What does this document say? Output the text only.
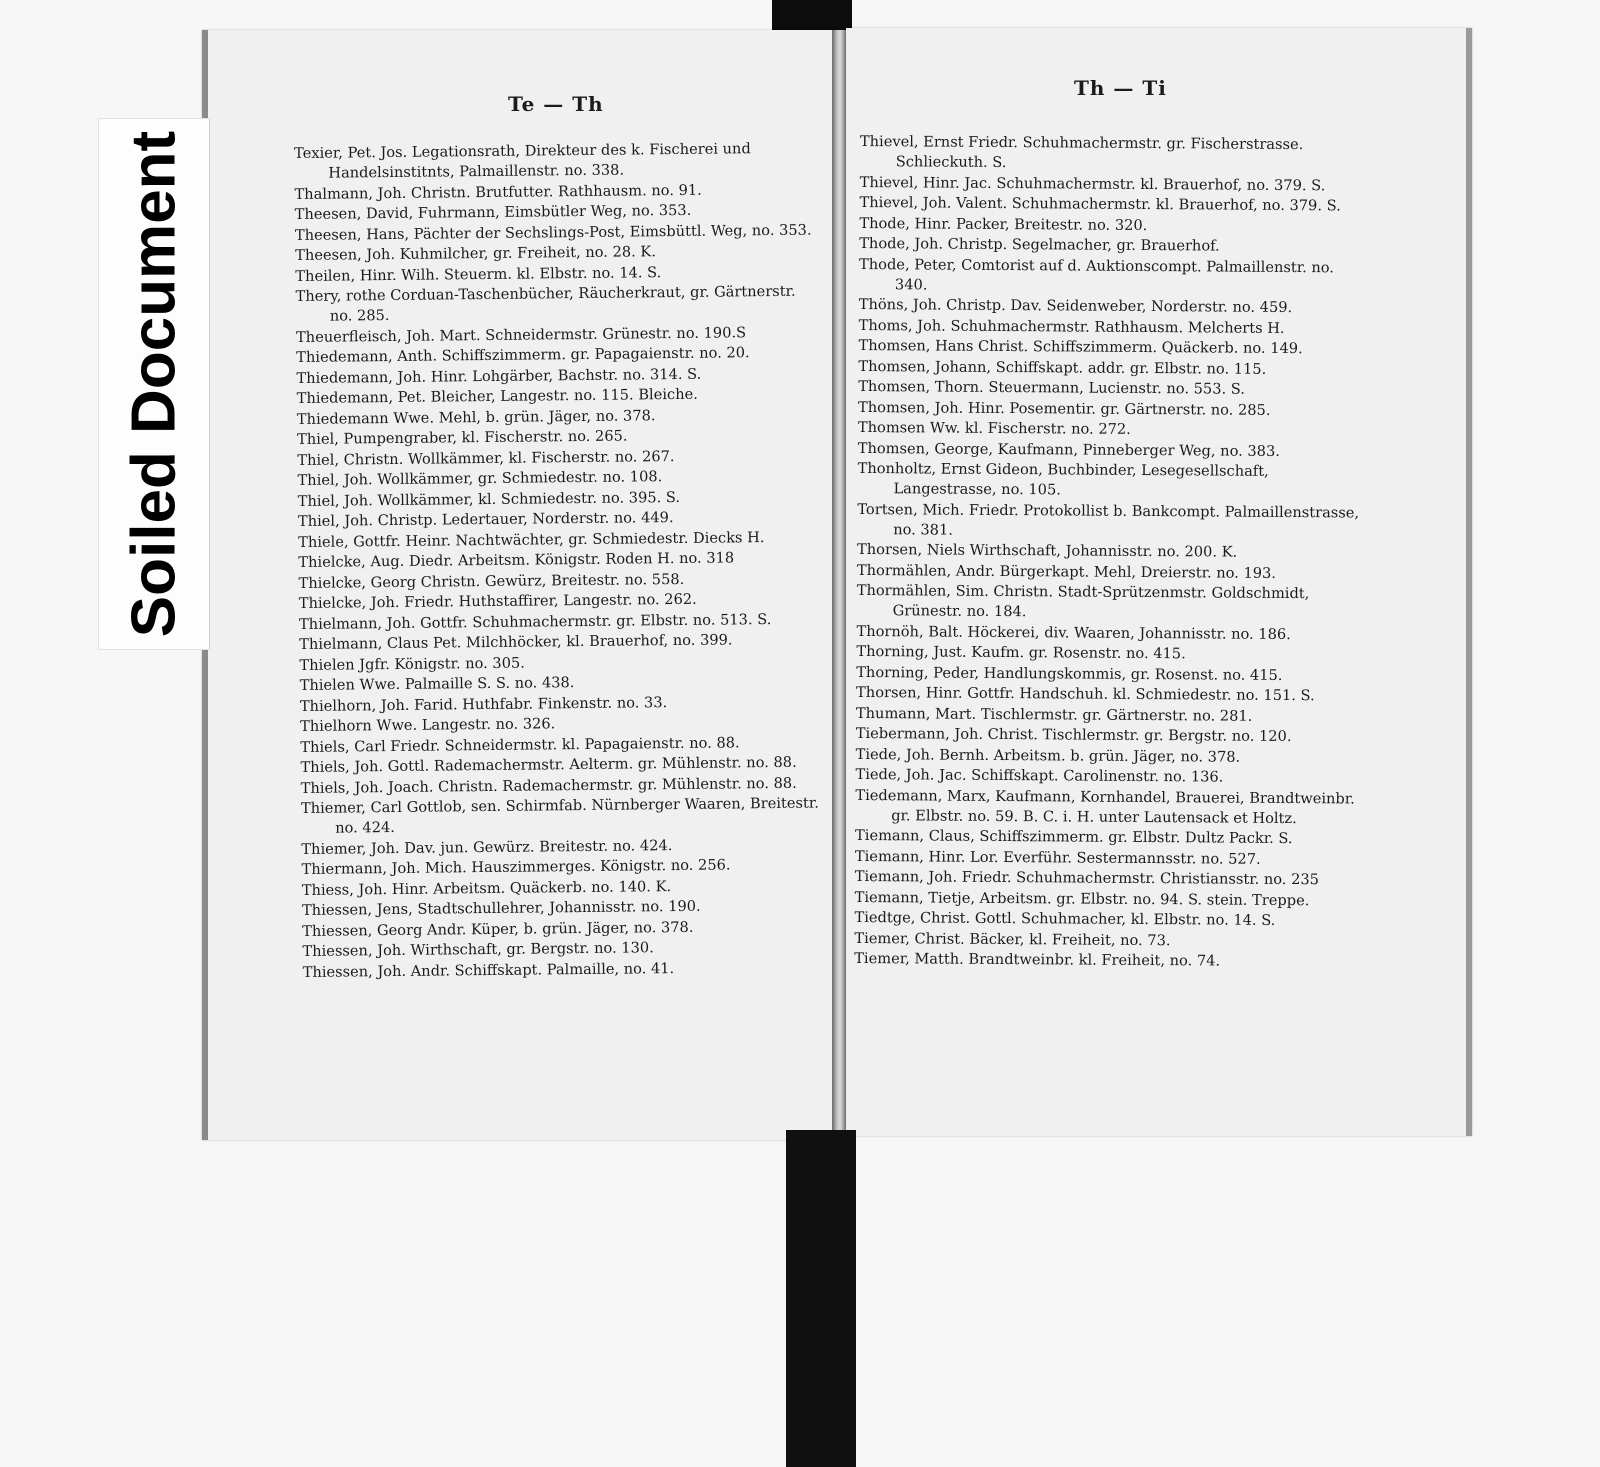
Te — Th
Texier, Pet. Jos. Legationsrath, Direkteur des k. Fischerei und Handelsinstitnts, Palmaillenstr. no. 338.
Thalmann, Joh. Christn. Brutfutter. Rathhausm. no. 91.
Theesen, David, Fuhrmann, Eimsbütler Weg, no. 353.
Theesen, Hans, Pächter der Sechslings-Post, Eimsbüttl. Weg, no. 353.
Theesen, Joh. Kuhmilcher, gr. Freiheit, no. 28. K.
Theilen, Hinr. Wilh. Steuerm. kl. Elbstr. no. 14. S.
Thery, rothe Corduan-Taschenbücher, Räucherkraut, gr. Gärtnerstr. no. 285.
Theuerfleisch, Joh. Mart. Schneidermstr. Grünestr. no. 190.S
Thiedemann, Anth. Schiffszimmerm. gr. Papagaienstr. no. 20.
Thiedemann, Joh. Hinr. Lohgärber, Bachstr. no. 314. S.
Thiedemann, Pet. Bleicher, Langestr. no. 115. Bleiche.
Thiedemann Wwe. Mehl, b. grün. Jäger, no. 378.
Thiel, Pumpengraber, kl. Fischerstr. no. 265.
Thiel, Christn. Wollkämmer, kl. Fischerstr. no. 267.
Thiel, Joh. Wollkämmer, gr. Schmiedestr. no. 108.
Thiel, Joh. Wollkämmer, kl. Schmiedestr. no. 395. S.
Thiel, Joh. Christp. Ledertauer, Norderstr. no. 449.
Thiele, Gottfr. Heinr. Nachtwächter, gr. Schmiedestr. Diecks H.
Thielcke, Aug. Diedr. Arbeitsm. Königstr. Roden H. no. 318
Thielcke, Georg Christn. Gewürz, Breitestr. no. 558.
Thielcke, Joh. Friedr. Huthstaffirer, Langestr. no. 262.
Thielmann, Joh. Gottfr. Schuhmachermstr. gr. Elbstr. no. 513. S.
Thielmann, Claus Pet. Milchhöcker, kl. Brauerhof, no. 399.
Thielen Jgfr. Königstr. no. 305.
Thielen Wwe. Palmaille S. S. no. 438.
Thielhorn, Joh. Farid. Huthfabr. Finkenstr. no. 33.
Thielhorn Wwe. Langestr. no. 326.
Thiels, Carl Friedr. Schneidermstr. kl. Papagaienstr. no. 88.
Thiels, Joh. Gottl. Rademachermstr. Aelterm. gr. Mühlenstr. no. 88.
Thiels, Joh. Joach. Christn. Rademachermstr. gr. Mühlenstr. no. 88.
Thiemer, Carl Gottlob, sen. Schirmfab. Nürnberger Waaren, Breitestr. no. 424.
Thiemer, Joh. Dav. jun. Gewürz. Breitestr. no. 424.
Thiermann, Joh. Mich. Hauszimmerges. Königstr. no. 256.
Thiess, Joh. Hinr. Arbeitsm. Quäckerb. no. 140. K.
Thiessen, Jens, Stadtschullehrer, Johannisstr. no. 190.
Thiessen, Georg Andr. Küper, b. grün. Jäger, no. 378.
Thiessen, Joh. Wirthschaft, gr. Bergstr. no. 130.
Thiessen, Joh. Andr. Schiffskapt. Palmaille, no. 41.
Th — Ti
Thievel, Ernst Friedr. Schuhmachermstr. gr. Fischerstrasse. Schlieckuth. S.
Thievel, Hinr. Jac. Schuhmachermstr. kl. Brauerhof, no. 379. S.
Thievel, Joh. Valent. Schuhmachermstr. kl. Brauerhof, no. 379. S.
Thode, Hinr. Packer, Breitestr. no. 320.
Thode, Joh. Christp. Segelmacher, gr. Brauerhof.
Thode, Peter, Comtorist auf d. Auktionscompt. Palmaillenstr. no. 340.
Thöns, Joh. Christp. Dav. Seidenweber, Norderstr. no. 459.
Thoms, Joh. Schuhmachermstr. Rathhausm. Melcherts H.
Thomsen, Hans Christ. Schiffszimmerm. Quäckerb. no. 149.
Thomsen, Johann, Schiffskapt. addr. gr. Elbstr. no. 115.
Thomsen, Thorn. Steuermann, Lucienstr. no. 553. S.
Thomsen, Joh. Hinr. Posementir. gr. Gärtnerstr. no. 285.
Thomsen Ww. kl. Fischerstr. no. 272.
Thomsen, George, Kaufmann, Pinneberger Weg, no. 383.
Thonholtz, Ernst Gideon, Buchbinder, Lesegesellschaft, Langestrasse, no. 105.
Tortsen, Mich. Friedr. Protokollist b. Bankcompt. Palmaillenstrasse, no. 381.
Thorsen, Niels Wirthschaft, Johannisstr. no. 200. K.
Thormählen, Andr. Bürgerkapt. Mehl, Dreierstr. no. 193.
Thormählen, Sim. Christn. Stadt-Sprützenmstr. Goldschmidt, Grünestr. no. 184.
Thornöh, Balt. Höckerei, div. Waaren, Johannisstr. no. 186.
Thorning, Just. Kaufm. gr. Rosenstr. no. 415.
Thorning, Peder, Handlungskommis, gr. Rosenst. no. 415.
Thorsen, Hinr. Gottfr. Handschuh. kl. Schmiedestr. no. 151. S.
Thumann, Mart. Tischlermstr. gr. Gärtnerstr. no. 281.
Tiebermann, Joh. Christ. Tischlermstr. gr. Bergstr. no. 120.
Tiede, Joh. Bernh. Arbeitsm. b. grün. Jäger, no. 378.
Tiede, Joh. Jac. Schiffskapt. Carolinenstr. no. 136.
Tiedemann, Marx, Kaufmann, Kornhandel, Brauerei, Brandtweinbr. gr. Elbstr. no. 59. B. C. i. H. unter Lautensack et Holtz.
Tiemann, Claus, Schiffszimmerm. gr. Elbstr. Dultz Packr. S.
Tiemann, Hinr. Lor. Everführ. Sestermannsstr. no. 527.
Tiemann, Joh. Friedr. Schuhmachermstr. Christiansstr. no. 235
Tiemann, Tietje, Arbeitsm. gr. Elbstr. no. 94. S. stein. Treppe.
Tiedtge, Christ. Gottl. Schuhmacher, kl. Elbstr. no. 14. S.
Tiemer, Christ. Bäcker, kl. Freiheit, no. 73.
Tiemer, Matth. Brandtweinbr. kl. Freiheit, no. 74.
Soiled Document
